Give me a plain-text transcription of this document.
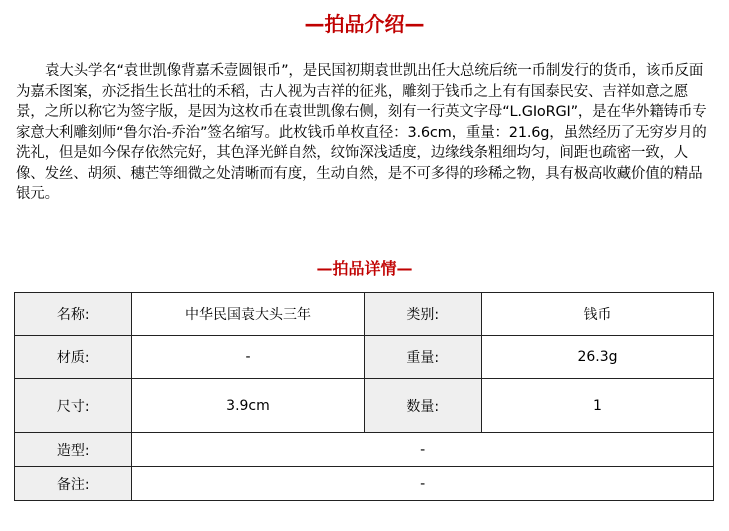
—拍品介绍—
袁大头学名“袁世凯像背嘉禾壹圆银币”，是民国初期袁世凯出任大总统后统一币制发行的货币，该币反面为嘉禾图案，亦泛指生长茁壮的禾稻，古人视为吉祥的征兆，雕刻于钱币之上有有国泰民安、吉祥如意之愿景，之所以称它为签字版，是因为这枚币在袁世凯像右侧，刻有一行英文字母“L.GIoRGI”，是在华外籍铸币专家意大利雕刻师“鲁尔治-乔治”签名缩写。此枚钱币单枚直径：3.6cm，重量：21.6g，虽然经历了无穷岁月的洗礼，但是如今保存依然完好，其色泽光鲜自然，纹饰深浅适度，边缘线条粗细均匀，间距也疏密一致，人像、发丝、胡须、穗芒等细微之处清晰而有度，生动自然，是不可多得的珍稀之物，具有极高收藏价值的精品银元。
—拍品详情—
名称:	中华民国袁大头三年	类别:	钱币
材质:	-	重量:	26.3g
尺寸:	3.9cm	数量:	1
造型:	-		
备注:	-		
